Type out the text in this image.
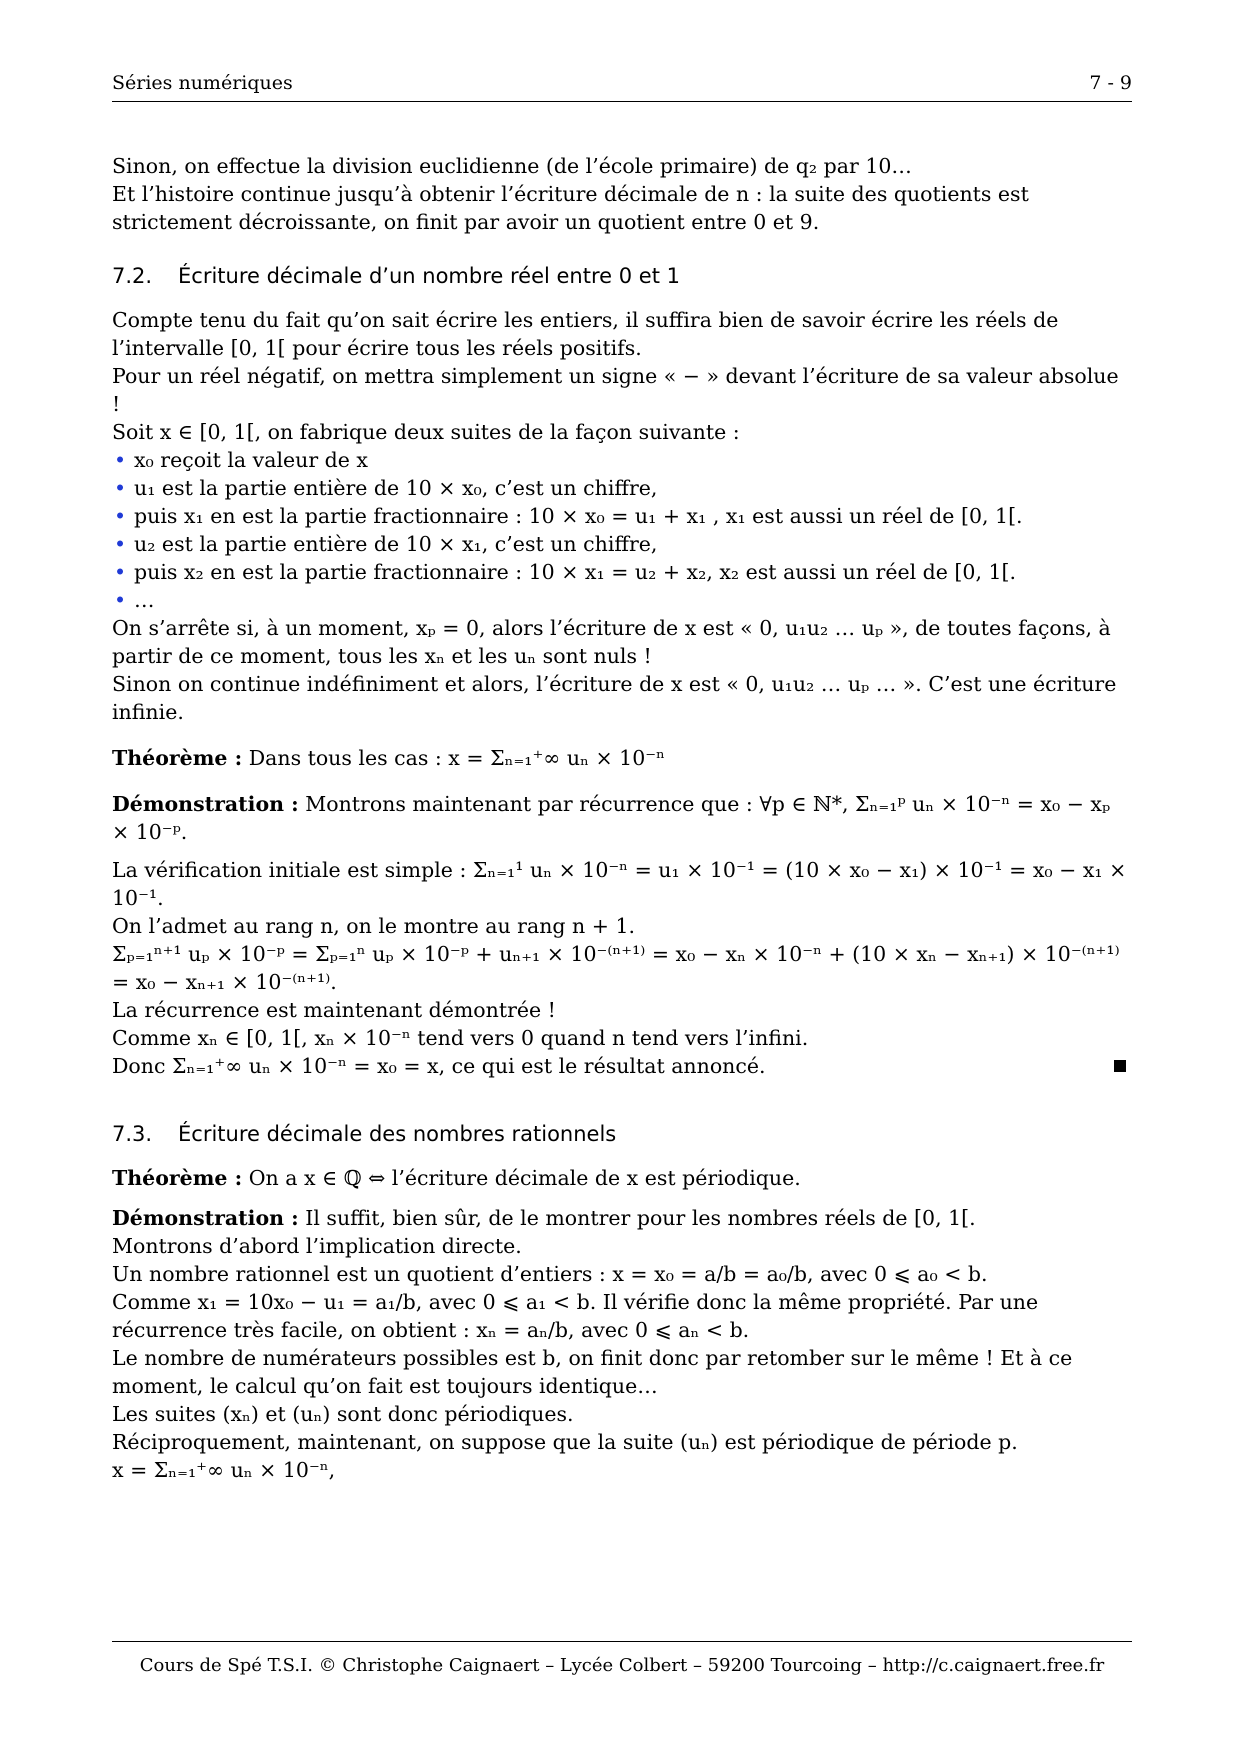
Séries numériques	7 - 9

Sinon, on effectue la division euclidienne (de l’école primaire) de q₂ par 10…

Et l’histoire continue jusqu’à obtenir l’écriture décimale de n : la suite des quotients est strictement décroissante, on finit par avoir un quotient entre 0 et 9.

7.2. Écriture décimale d’un nombre réel entre 0 et 1

Compte tenu du fait qu’on sait écrire les entiers, il suffira bien de savoir écrire les réels de l’intervalle [0, 1[ pour écrire tous les réels positifs.

Pour un réel négatif, on mettra simplement un signe « − » devant l’écriture de sa valeur absolue !

Soit x ∈ [0, 1[, on fabrique deux suites de la façon suivante :

• x₀ reçoit la valeur de x
• u₁ est la partie entière de 10 × x₀, c’est un chiffre,
• puis x₁ en est la partie fractionnaire : 10 × x₀ = u₁ + x₁ , x₁ est aussi un réel de [0, 1[.
• u₂ est la partie entière de 10 × x₁, c’est un chiffre,
• puis x₂ en est la partie fractionnaire : 10 × x₁ = u₂ + x₂, x₂ est aussi un réel de [0, 1[.
• …

On s’arrête si, à un moment, xₚ = 0, alors l’écriture de x est « 0, u₁u₂ … uₚ », de toutes façons, à partir de ce moment, tous les xₙ et les uₙ sont nuls !

Sinon on continue indéfiniment et alors, l’écriture de x est « 0, u₁u₂ … uₚ … ». C’est une écriture infinie.

Théorème : Dans tous les cas : x = Σₙ₌₁⁺∞ uₙ × 10⁻ⁿ

Démonstration : Montrons maintenant par récurrence que : ∀p ∈ ℕ*, Σₙ₌₁ᵖ uₙ × 10⁻ⁿ = x₀ − xₚ × 10⁻ᵖ.

La vérification initiale est simple : Σₙ₌₁¹ uₙ × 10⁻ⁿ = u₁ × 10⁻¹ = (10 × x₀ − x₁) × 10⁻¹ = x₀ − x₁ × 10⁻¹.

On l’admet au rang n, on le montre au rang n + 1.

Σₚ₌₁ⁿ⁺¹ uₚ × 10⁻ᵖ = Σₚ₌₁ⁿ uₚ × 10⁻ᵖ + uₙ₊₁ × 10⁻⁽ⁿ⁺¹⁾ = x₀ − xₙ × 10⁻ⁿ + (10 × xₙ − xₙ₊₁) × 10⁻⁽ⁿ⁺¹⁾

= x₀ − xₙ₊₁ × 10⁻⁽ⁿ⁺¹⁾.

La récurrence est maintenant démontrée !

Comme xₙ ∈ [0, 1[, xₙ × 10⁻ⁿ tend vers 0 quand n tend vers l’infini.

Donc Σₙ₌₁⁺∞ uₙ × 10⁻ⁿ = x₀ = x, ce qui est le résultat annoncé.
7.3. Écriture décimale des nombres rationnels

Théorème : On a x ∈ ℚ ⇔ l’écriture décimale de x est périodique.

Démonstration : Il suffit, bien sûr, de le montrer pour les nombres réels de [0, 1[.

Montrons d’abord l’implication directe.

Un nombre rationnel est un quotient d’entiers : x = x₀ = a/b = a₀/b, avec 0 ⩽ a₀ < b.

Comme x₁ = 10x₀ − u₁ = a₁/b, avec 0 ⩽ a₁ < b. Il vérifie donc la même propriété. Par une récurrence très facile, on obtient : xₙ = aₙ/b, avec 0 ⩽ aₙ < b.

Le nombre de numérateurs possibles est b, on finit donc par retomber sur le même ! Et à ce moment, le calcul qu’on fait est toujours identique…

Les suites (xₙ) et (uₙ) sont donc périodiques.

Réciproquement, maintenant, on suppose que la suite (uₙ) est périodique de période p.

x = Σₙ₌₁⁺∞ uₙ × 10⁻ⁿ,

Cours de Spé T.S.I. © Christophe Caignaert – Lycée Colbert – 59200 Tourcoing – http://c.caignaert.free.fr
